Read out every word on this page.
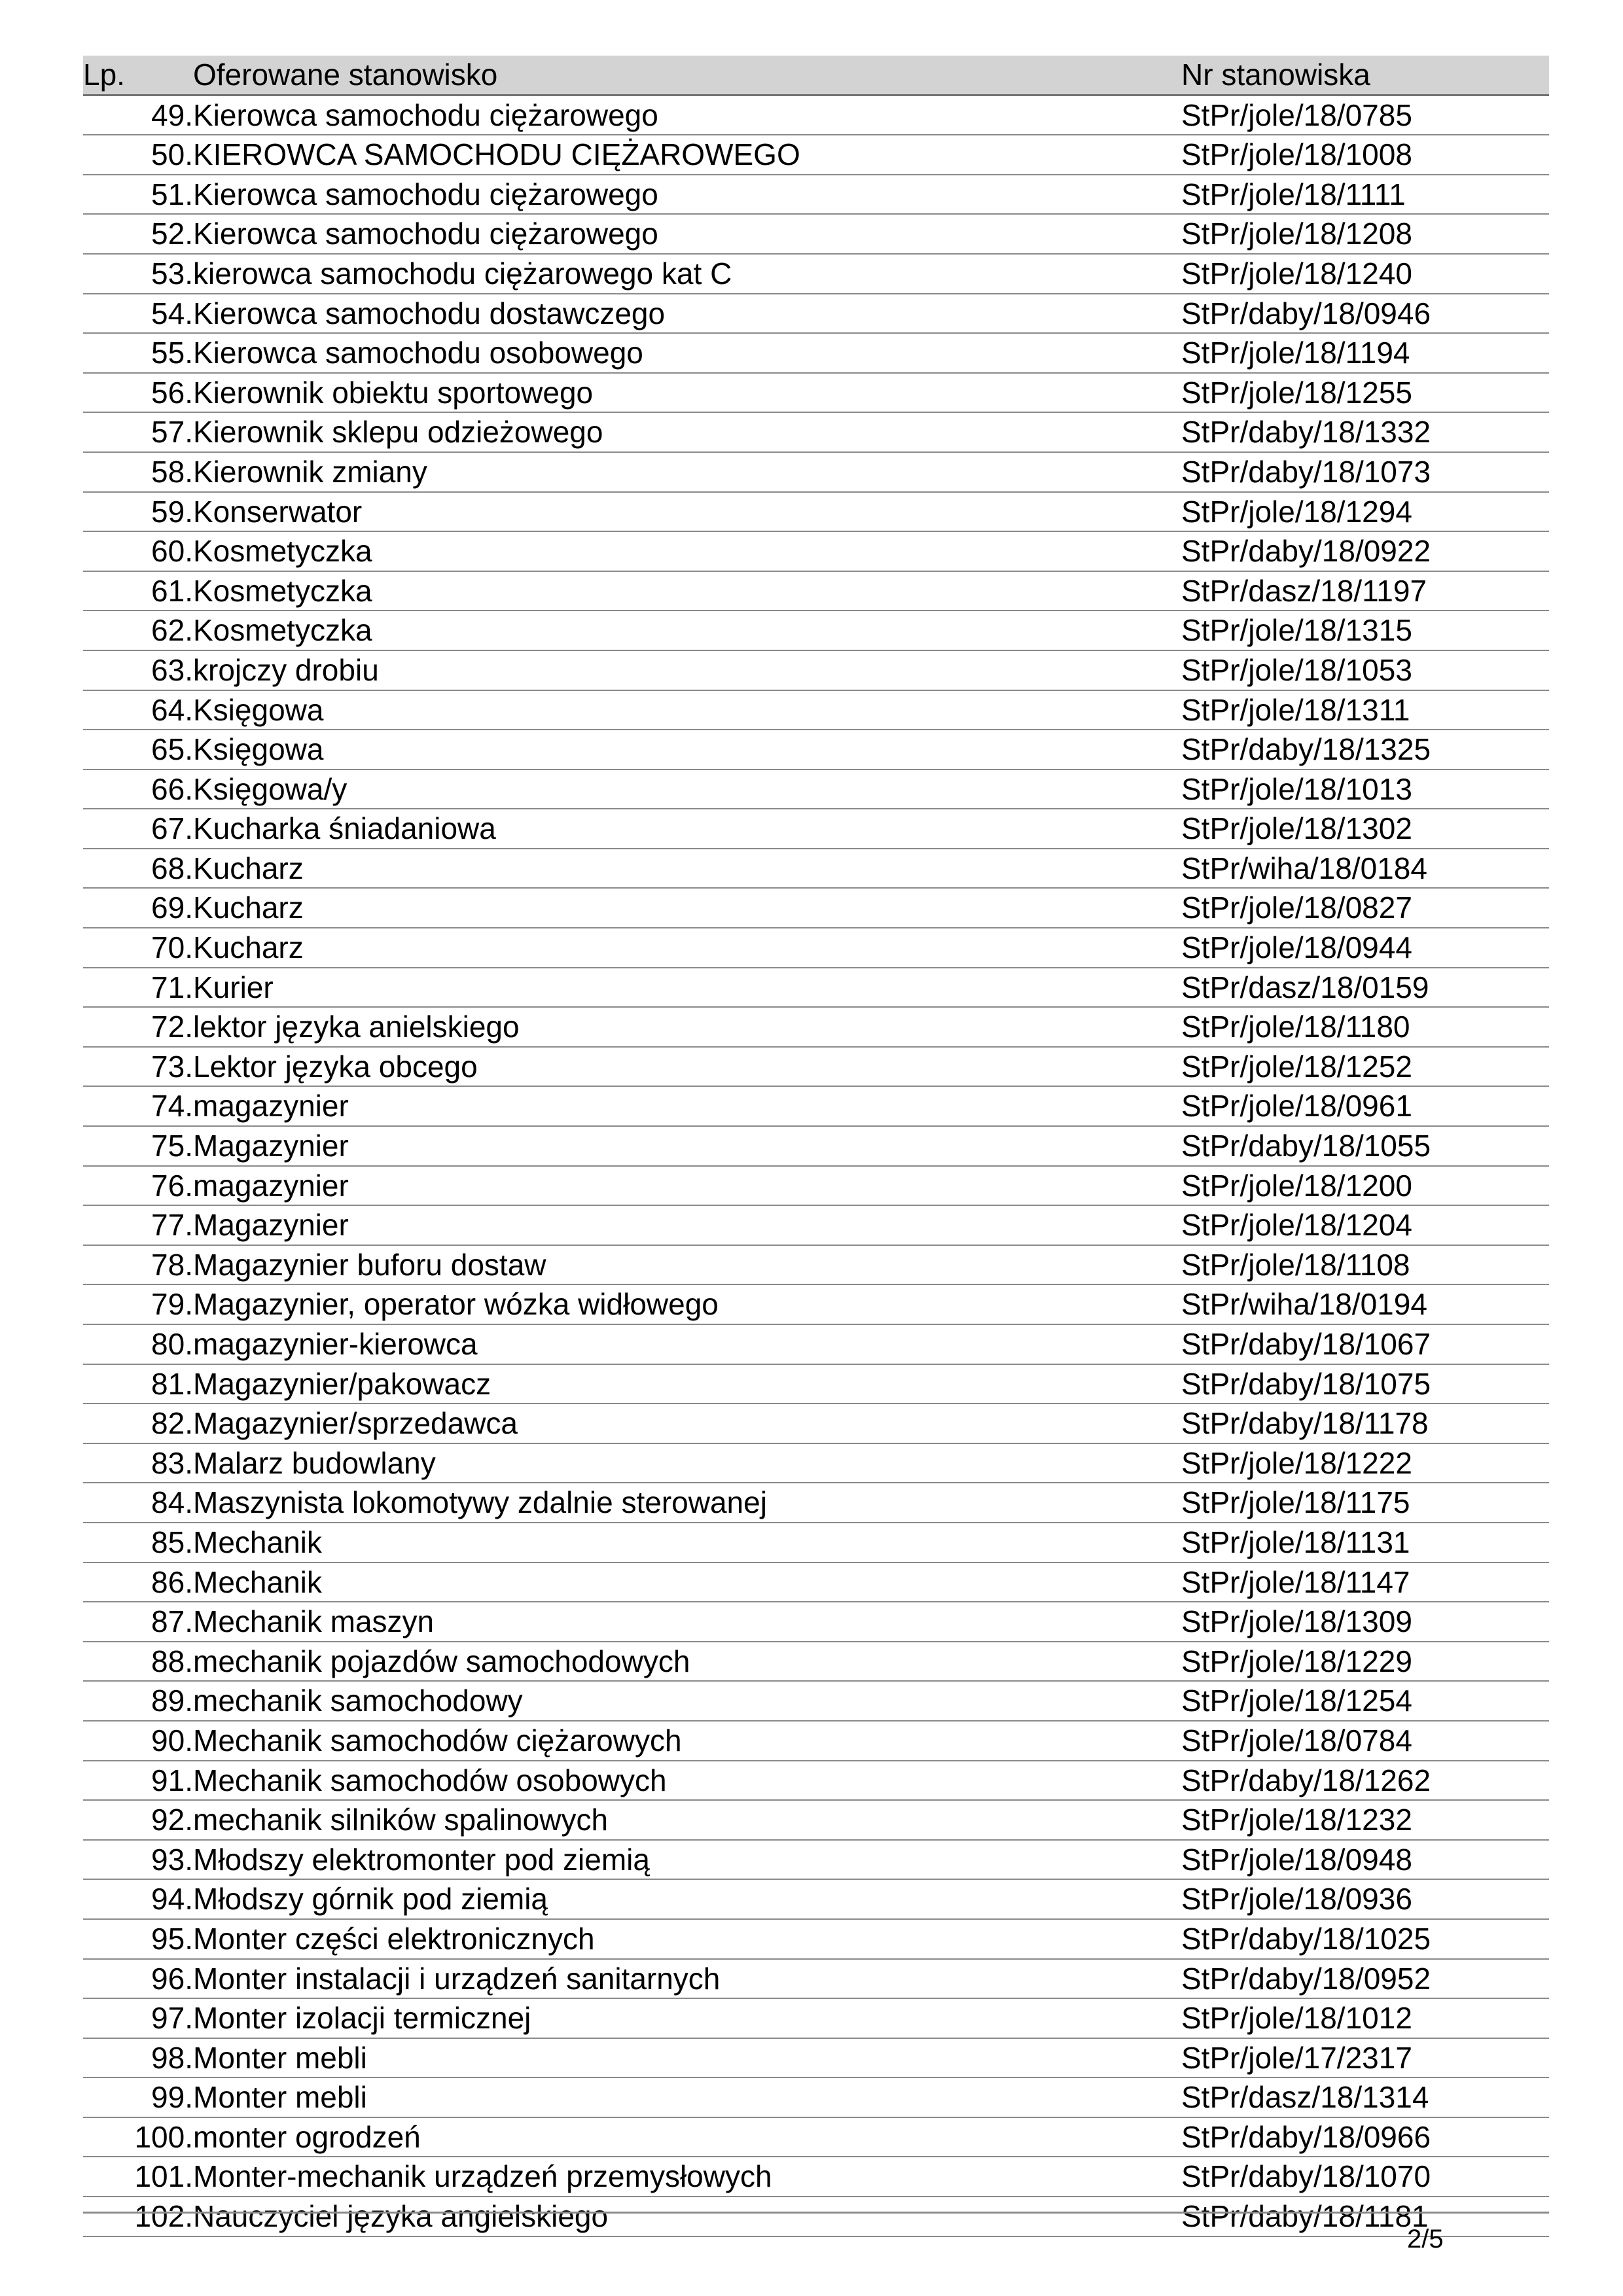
Lp.	Oferowane stanowisko	Nr stanowiska
49.	Kierowca samochodu ciężarowego	StPr/jole/18/0785
50.	KIEROWCA SAMOCHODU CIĘŻAROWEGO	StPr/jole/18/1008
51.	Kierowca samochodu ciężarowego	StPr/jole/18/1111
52.	Kierowca samochodu ciężarowego	StPr/jole/18/1208
53.	kierowca samochodu ciężarowego kat C	StPr/jole/18/1240
54.	Kierowca samochodu dostawczego	StPr/daby/18/0946
55.	Kierowca samochodu osobowego	StPr/jole/18/1194
56.	Kierownik obiektu sportowego	StPr/jole/18/1255
57.	Kierownik sklepu odzieżowego	StPr/daby/18/1332
58.	Kierownik zmiany	StPr/daby/18/1073
59.	Konserwator	StPr/jole/18/1294
60.	Kosmetyczka	StPr/daby/18/0922
61.	Kosmetyczka	StPr/dasz/18/1197
62.	Kosmetyczka	StPr/jole/18/1315
63.	krojczy drobiu	StPr/jole/18/1053
64.	Księgowa	StPr/jole/18/1311
65.	Księgowa	StPr/daby/18/1325
66.	Księgowa/y	StPr/jole/18/1013
67.	Kucharka śniadaniowa	StPr/jole/18/1302
68.	Kucharz	StPr/wiha/18/0184
69.	Kucharz	StPr/jole/18/0827
70.	Kucharz	StPr/jole/18/0944
71.	Kurier	StPr/dasz/18/0159
72.	lektor języka anielskiego	StPr/jole/18/1180
73.	Lektor języka obcego	StPr/jole/18/1252
74.	magazynier	StPr/jole/18/0961
75.	Magazynier	StPr/daby/18/1055
76.	magazynier	StPr/jole/18/1200
77.	Magazynier	StPr/jole/18/1204
78.	Magazynier buforu dostaw	StPr/jole/18/1108
79.	Magazynier, operator wózka widłowego	StPr/wiha/18/0194
80.	magazynier-kierowca	StPr/daby/18/1067
81.	Magazynier/pakowacz	StPr/daby/18/1075
82.	Magazynier/sprzedawca	StPr/daby/18/1178
83.	Malarz budowlany	StPr/jole/18/1222
84.	Maszynista lokomotywy zdalnie sterowanej	StPr/jole/18/1175
85.	Mechanik	StPr/jole/18/1131
86.	Mechanik	StPr/jole/18/1147
87.	Mechanik maszyn	StPr/jole/18/1309
88.	mechanik pojazdów samochodowych	StPr/jole/18/1229
89.	mechanik samochodowy	StPr/jole/18/1254
90.	Mechanik samochodów ciężarowych	StPr/jole/18/0784
91.	Mechanik samochodów osobowych	StPr/daby/18/1262
92.	mechanik silników spalinowych	StPr/jole/18/1232
93.	Młodszy elektromonter pod ziemią	StPr/jole/18/0948
94.	Młodszy górnik pod ziemią	StPr/jole/18/0936
95.	Monter części elektronicznych	StPr/daby/18/1025
96.	Monter instalacji i urządzeń sanitarnych	StPr/daby/18/0952
97.	Monter izolacji termicznej	StPr/jole/18/1012
98.	Monter mebli	StPr/jole/17/2317
99.	Monter mebli	StPr/dasz/18/1314
100.	monter ogrodzeń	StPr/daby/18/0966
101.	Monter-mechanik urządzeń przemysłowych	StPr/daby/18/1070
102.	Nauczyciel języka angielskiego	StPr/daby/18/1181
2/5
